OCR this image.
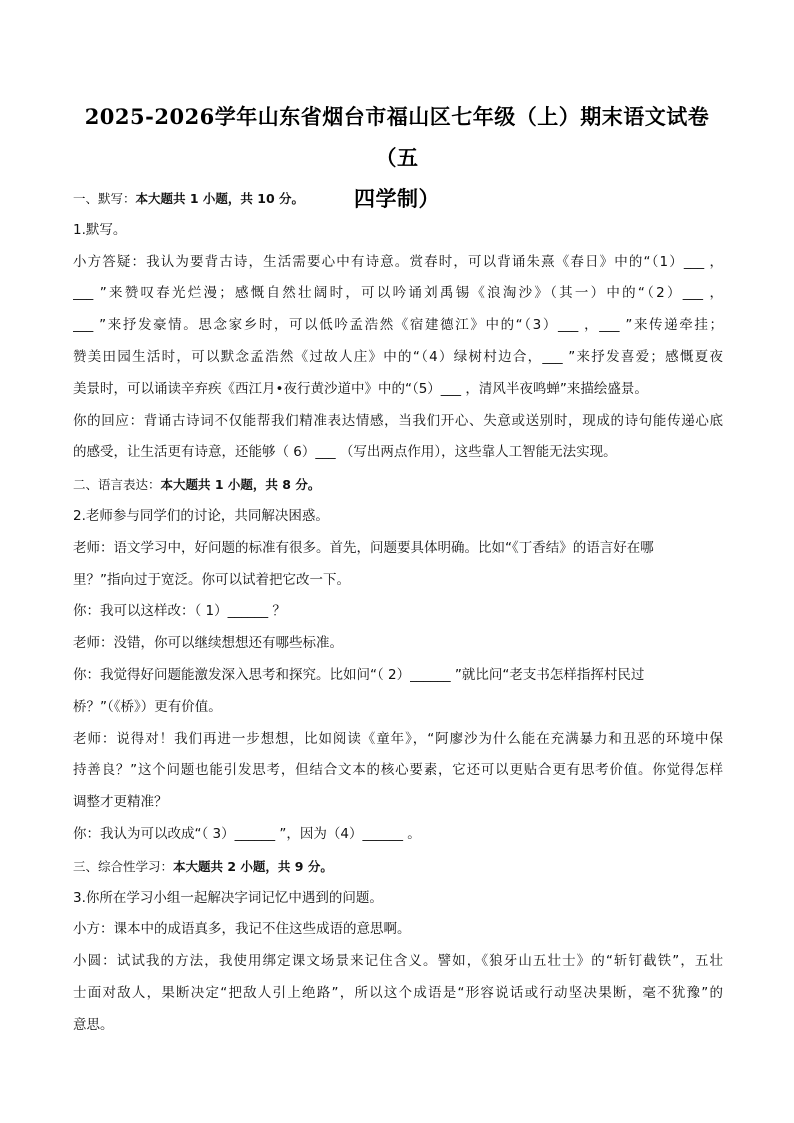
2025-2026学年山东省烟台市福山区七年级（上）期末语文试卷（五
四学制）
一、默写：本大题共 1 小题，共 10 分。
1.默写。
小方答疑：我认为要背古诗，生活需要心中有诗意。赏春时，可以背诵朱熹《春日》中的“（1）___ ，
___ ”来赞叹春光烂漫；感慨自然壮阔时，可以吟诵刘禹锡《浪淘沙》（其一）中的“（2）___ ，
___ ”来抒发豪情。思念家乡时，可以低吟孟浩然《宿建德江》中的“（3）___ ，___ ”来传递牵挂；
赞美田园生活时，可以默念孟浩然《过故人庄》中的“（4）绿树村边合，___ ”来抒发喜爱；感慨夏夜
美景时，可以诵读辛弃疾《西江月•夜行黄沙道中》中的“（5）___ ，清风半夜鸣蝉”来描绘盛景。
你的回应：背诵古诗词不仅能帮我们精准表达情感，当我们开心、失意或送别时，现成的诗句能传递心底
的感受，让生活更有诗意，还能够（ 6）___ （写出两点作用），这些靠人工智能无法实现。
二、语言表达：本大题共 1 小题，共 8 分。
2.老师参与同学们的讨论，共同解决困惑。
老师：语文学习中，好问题的标准有很多。首先，问题要具体明确。比如“《丁香结》的语言好在哪
里？”指向过于宽泛。你可以试着把它改一下。
你：我可以这样改：（ 1）______ ？
老师：没错，你可以继续想想还有哪些标准。
你：我觉得好问题能激发深入思考和探究。比如问“（ 2）______ ”就比问“老支书怎样指挥村民过
桥？”（《桥》）更有价值。
老师：说得对！我们再进一步想想，比如阅读《童年》，“阿廖沙为什么能在充满暴力和丑恶的环境中保
持善良？”这个问题也能引发思考，但结合文本的核心要素，它还可以更贴合更有思考价值。你觉得怎样
调整才更精准？
你：我认为可以改成“（ 3）______ ”，因为（4）______ 。
三、综合性学习：本大题共 2 小题，共 9 分。
3.你所在学习小组一起解决字词记忆中遇到的问题。
小方：课本中的成语真多，我记不住这些成语的意思啊。
小圆：试试我的方法，我使用绑定课文场景来记住含义。譬如，《狼牙山五壮士》的“斩钉截铁”，五壮
士面对敌人，果断决定“把敌人引上绝路”，所以这个成语是“形容说话或行动坚决果断，毫不犹豫”的
意思。
